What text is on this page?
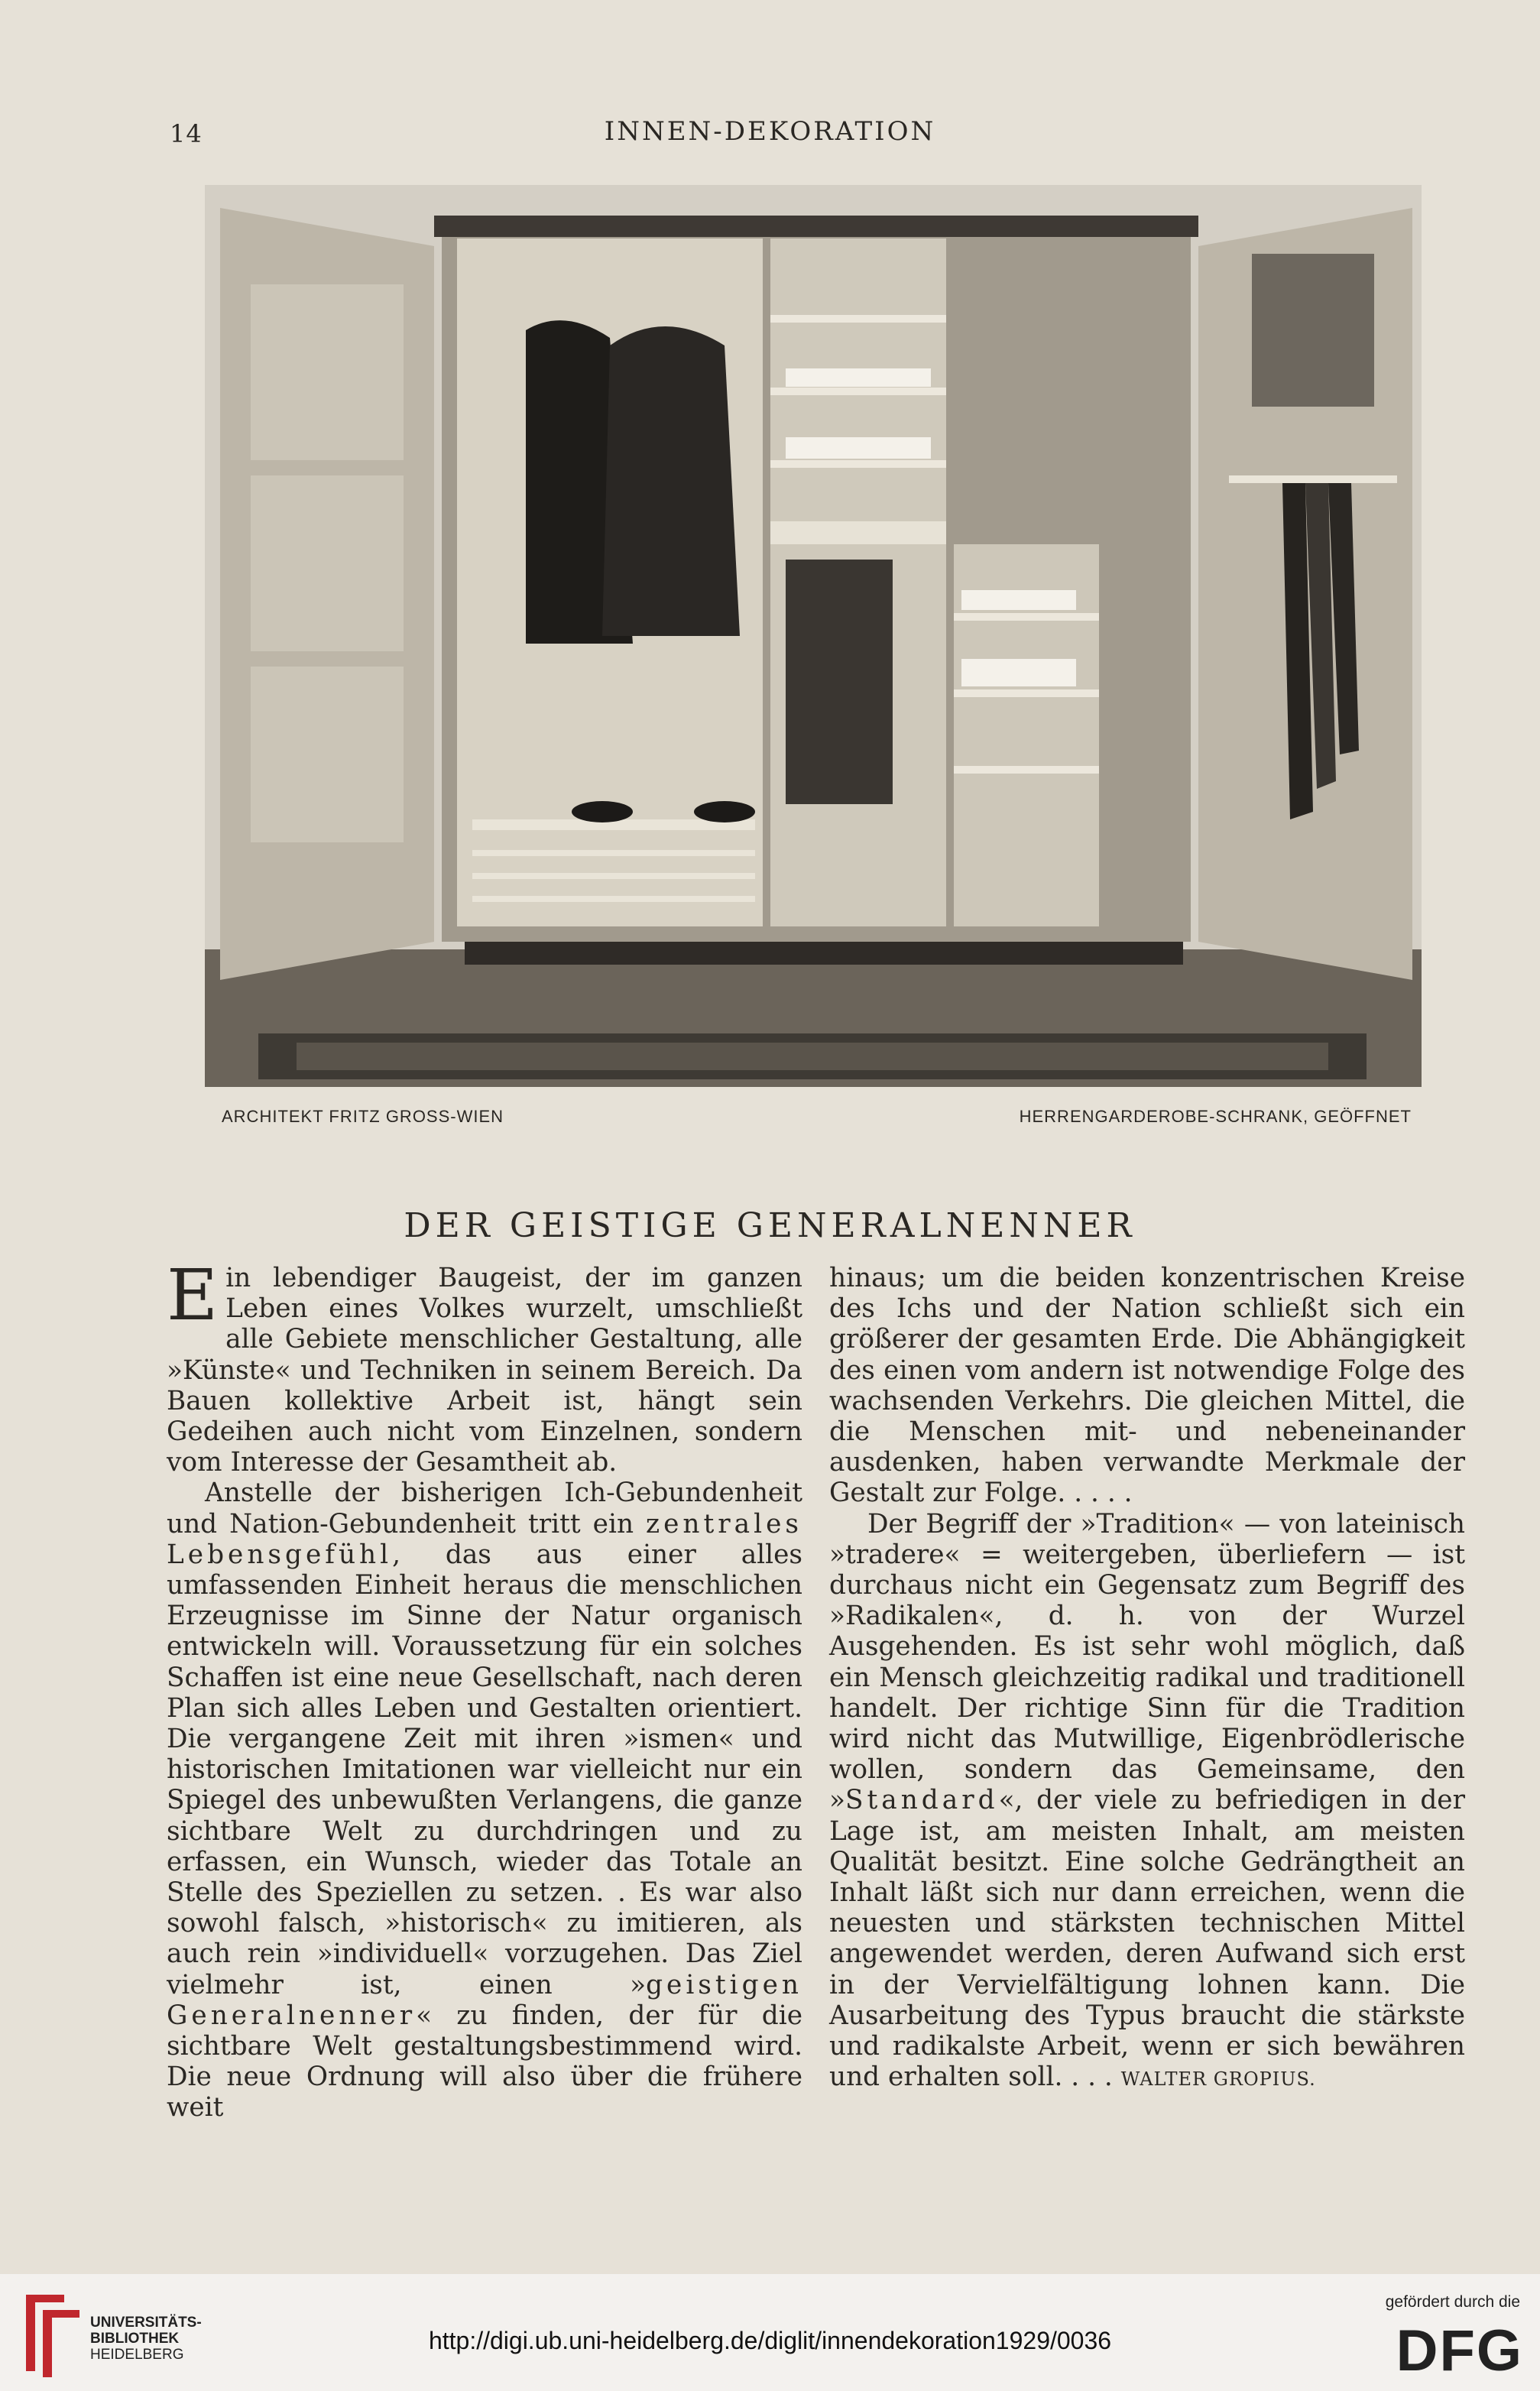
14	INNEN-DEKORATION
ARCHITEKT FRITZ GROSS-WIEN	HERRENGARDEROBE-SCHRANK, GEÖFFNET
DER GEISTIGE GENERALNENNER

Ein lebendiger Baugeist, der im ganzen Leben eines Volkes wurzelt, umschließt alle Gebiete menschlicher Gestaltung, alle »Künste« und Techniken in seinem Bereich. Da Bauen kollektive Arbeit ist, hängt sein Gedeihen auch nicht vom Einzelnen, sondern vom Interesse der Gesamtheit ab.

Anstelle der bisherigen Ich-Gebundenheit und Nation-Gebundenheit tritt ein zentrales Lebensgefühl, das aus einer alles umfassenden Einheit heraus die menschlichen Erzeugnisse im Sinne der Natur organisch entwickeln will. Voraussetzung für ein solches Schaffen ist eine neue Gesellschaft, nach deren Plan sich alles Leben und Gestalten orientiert. Die vergangene Zeit mit ihren »ismen« und historischen Imitationen war vielleicht nur ein Spiegel des unbewußten Verlangens, die ganze sichtbare Welt zu durchdringen und zu erfassen, ein Wunsch, wieder das Totale an Stelle des Speziellen zu setzen. . Es war also sowohl falsch, »historisch« zu imitieren, als auch rein »individuell« vorzugehen. Das Ziel vielmehr ist, einen »geistigen Generalnenner« zu finden, der für die sichtbare Welt gestaltungsbestimmend wird. Die neue Ordnung will also über die frühere weit

hinaus; um die beiden konzentrischen Kreise des Ichs und der Nation schließt sich ein größerer der gesamten Erde. Die Abhängigkeit des einen vom andern ist notwendige Folge des wachsenden Verkehrs. Die gleichen Mittel, die die Menschen mit- und nebeneinander ausdenken, haben verwandte Merkmale der Gestalt zur Folge. . . . .

Der Begriff der »Tradition« — von lateinisch »tradere« = weitergeben, überliefern — ist durchaus nicht ein Gegensatz zum Begriff des »Radikalen«, d. h. von der Wurzel Ausgehenden. Es ist sehr wohl möglich, daß ein Mensch gleichzeitig radikal und traditionell handelt. Der richtige Sinn für die Tradition wird nicht das Mutwillige, Eigenbrödlerische wollen, sondern das Gemeinsame, den »Standard«, der viele zu befriedigen in der Lage ist, am meisten Inhalt, am meisten Qualität besitzt. Eine solche Gedrängtheit an Inhalt läßt sich nur dann erreichen, wenn die neuesten und stärksten technischen Mittel angewendet werden, deren Aufwand sich erst in der Vervielfältigung lohnen kann. Die Ausarbeitung des Typus braucht die stärkste und radikalste Arbeit, wenn er sich bewähren und erhalten soll. . . . WALTER GROPIUS.

UNIVERSITÄTS-
BIBLIOTHEK
HEIDELBERG
http://digi.ub.uni-heidelberg.de/diglit/innendekoration1929/0036
gefördert durch die
DFG
